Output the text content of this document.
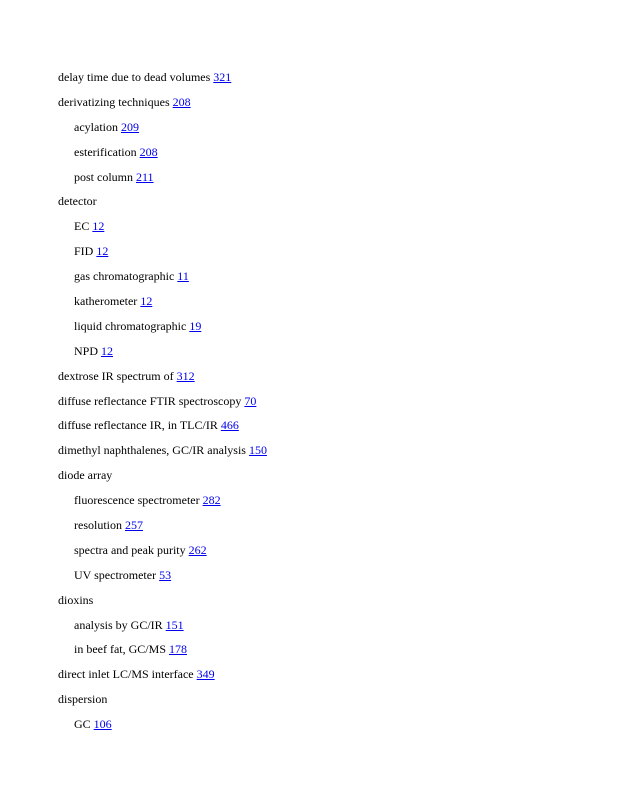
delay time due to dead volumes 321
derivatizing techniques 208
acylation 209
esterification 208
post column 211
detector
EC 12
FID 12
gas chromatographic 11
katherometer 12
liquid chromatographic 19
NPD 12
dextrose IR spectrum of 312
diffuse reflectance FTIR spectroscopy 70
diffuse reflectance IR, in TLC/IR 466
dimethyl naphthalenes, GC/IR analysis 150
diode array
fluorescence spectrometer 282
resolution 257
spectra and peak purity 262
UV spectrometer 53
dioxins
analysis by GC/IR 151
in beef fat, GC/MS 178
direct inlet LC/MS interface 349
dispersion
GC 106
